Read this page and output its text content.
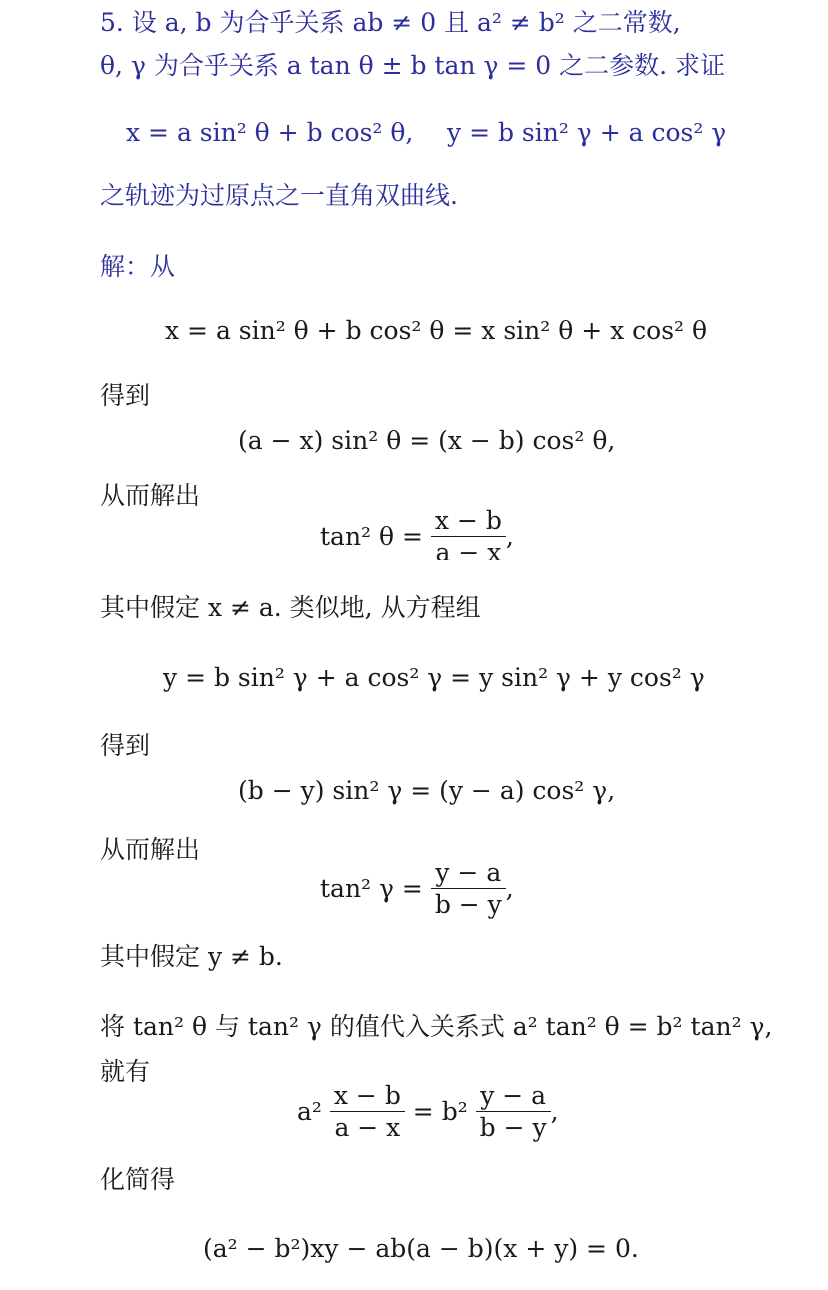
5. 设 a, b 为合乎关系 ab ≠ 0 且 a² ≠ b² 之二常数,
θ, γ 为合乎关系 a tan θ ± b tan γ = 0 之二参数. 求证
x = a sin² θ + b cos² θ, y = b sin² γ + a cos² γ
之轨迹为过原点之一直角双曲线.
解：从
x = a sin² θ + b cos² θ = x sin² θ + x cos² θ
得到
(a − x) sin² θ = (x − b) cos² θ,
从而解出
tan² $\theta = \frac{x - b}{a - x}$ ,
其中假定 x ≠ a. 类似地, 从方程组
y = b sin² γ + a cos² γ = y sin² γ + y cos² γ
得到
(b − y) sin² γ = (y − a) cos² γ,
从而解出
tan² $\gamma = \frac{y - a}{b - y}$ ,
其中假定 y ≠ b.
将 tan² θ 与 tan² γ 的值代入关系式 a² tan² θ = b² tan² γ,
就有
$a^2 \frac{x - b}{a - x} = b^2 \frac{y - a}{b - y}$ ,
化简得
(a² − b²)xy − ab(a − b)(x + y) = 0.
